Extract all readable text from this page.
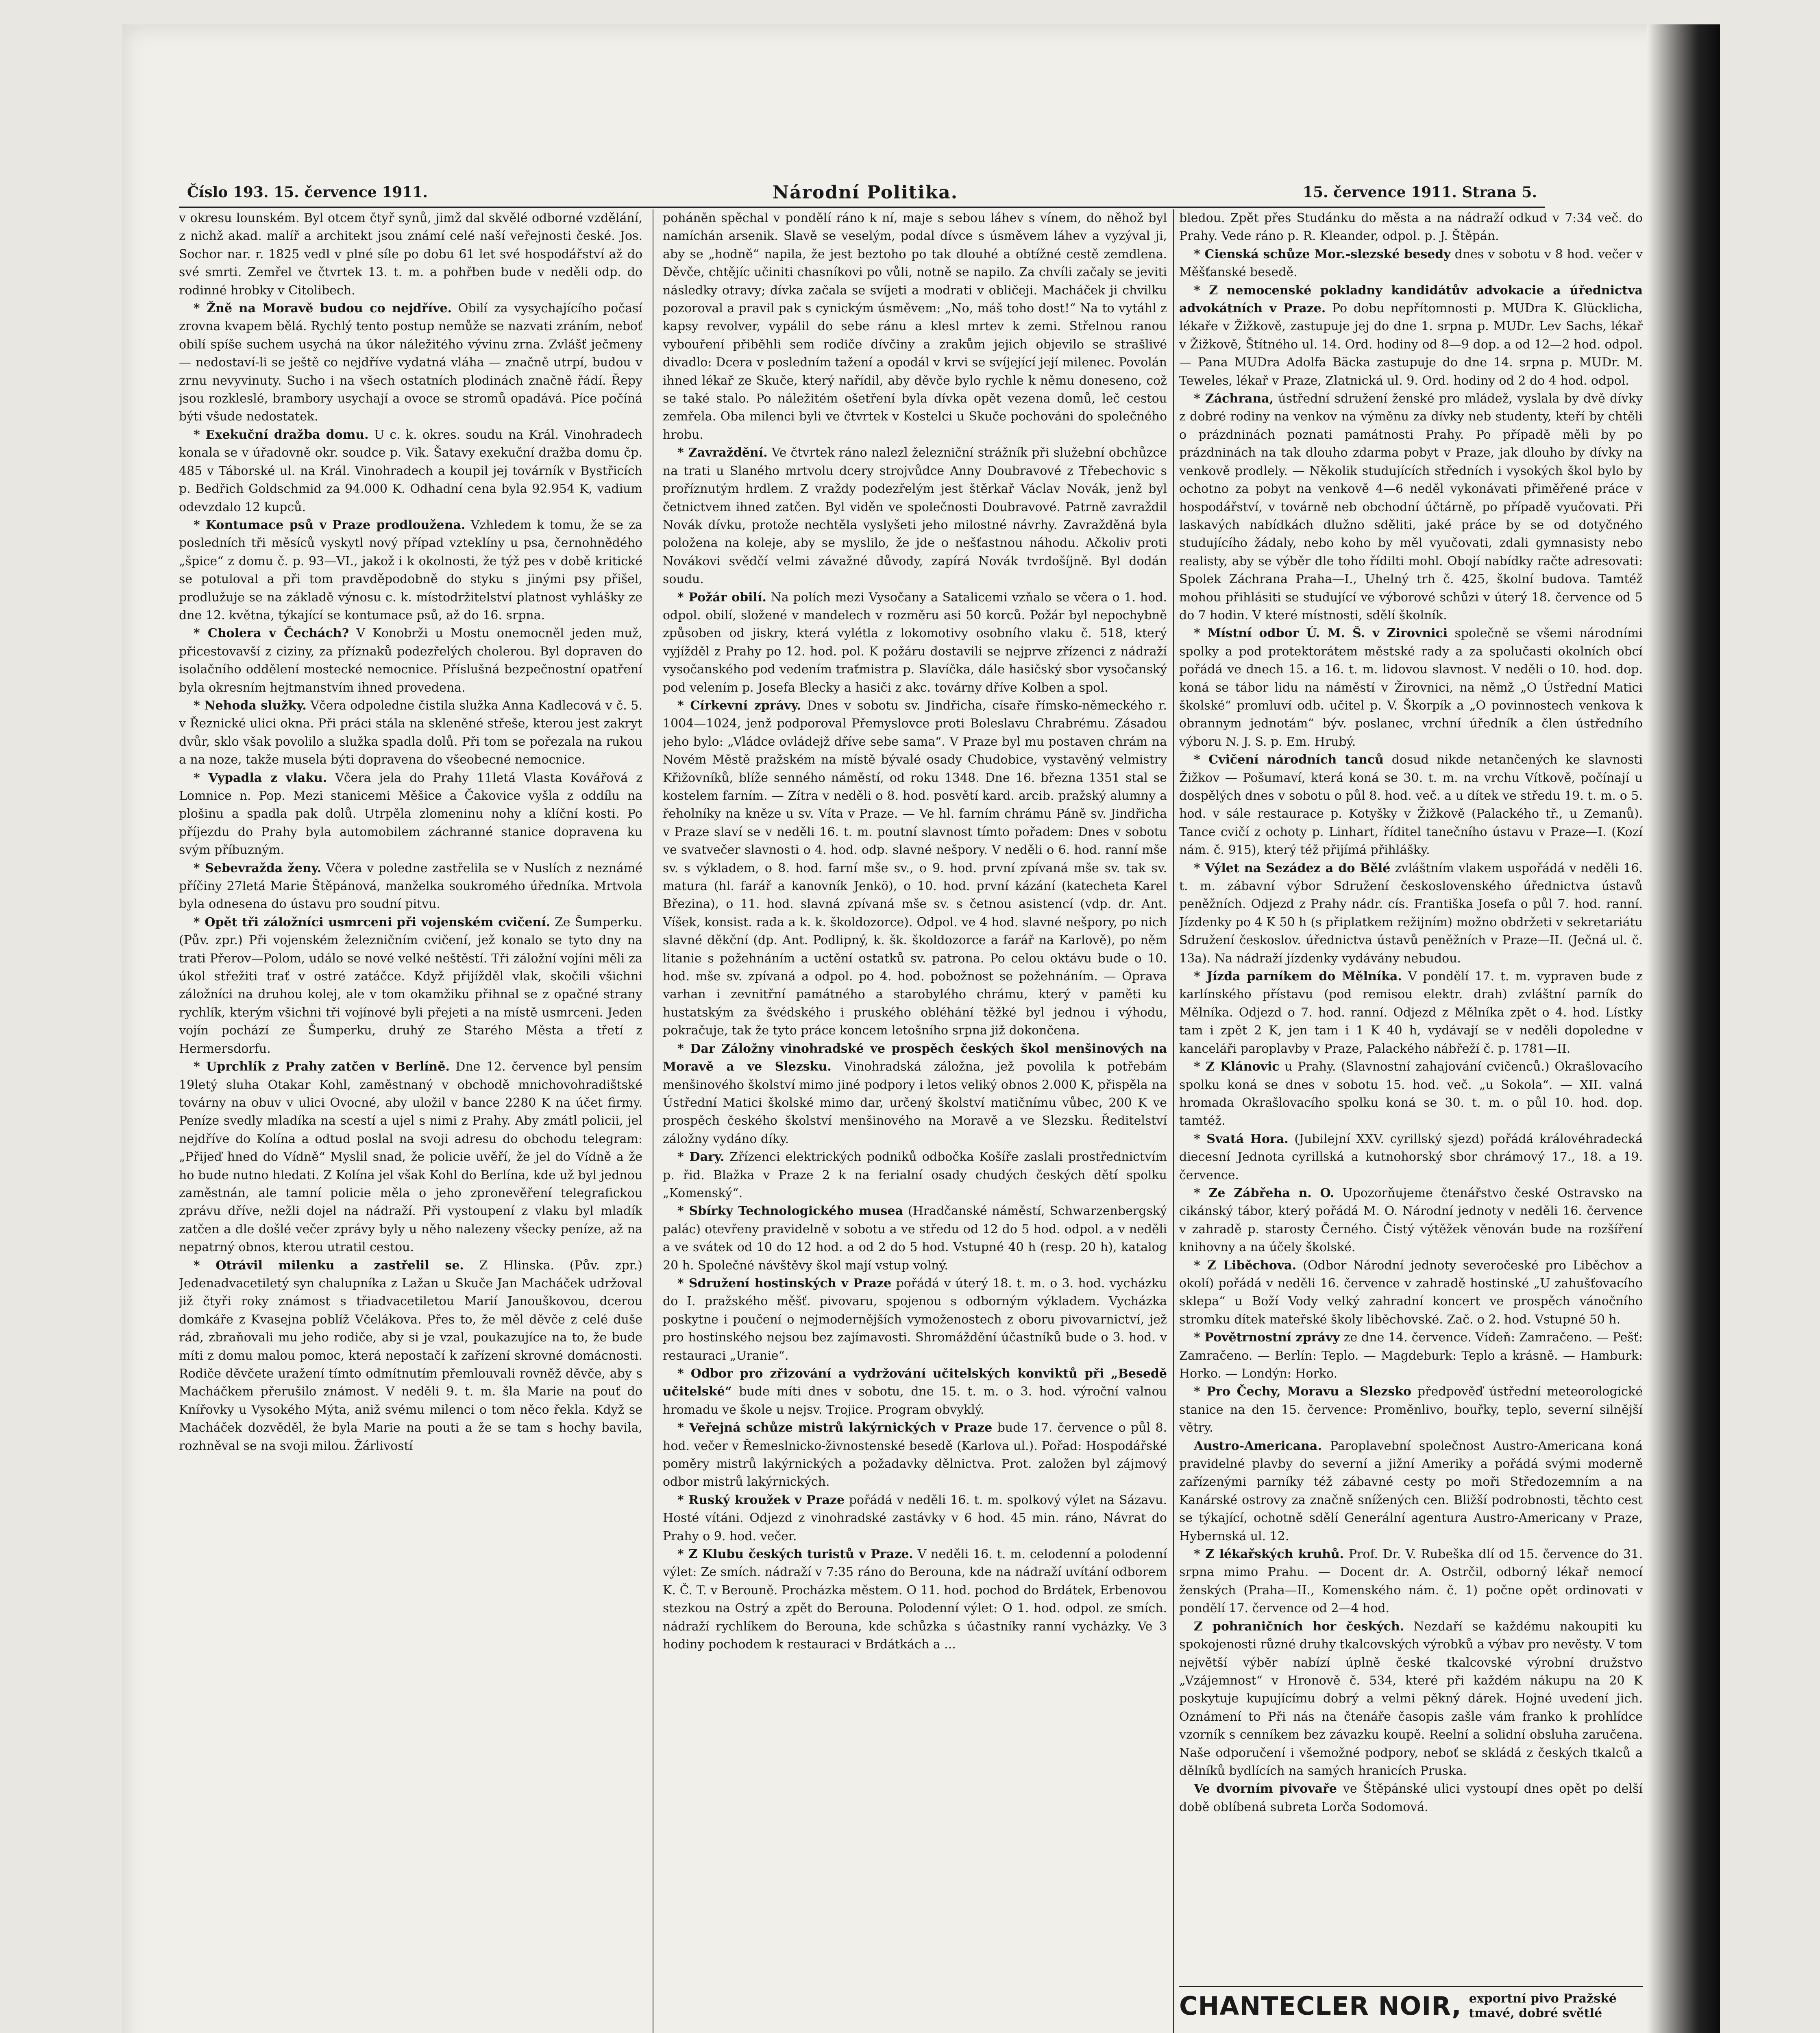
Číslo 193. 15. července 1911.	Národní Politika.	15. července 1911. Strana 5.

v okresu lounském. Byl otcem čtyř synů, jimž dal skvělé odborné vzdělání, z nichž akad. malíř a architekt jsou známí celé naší veřejnosti české. Jos. Sochor nar. r. 1825 vedl v plné síle po dobu 61 let své hospodářství až do své smrti. Zemřel ve čtvrtek 13. t. m. a pohřben bude v neděli odp. do rodinné hrobky v Citolibech.

* Žně na Moravě budou co nejdříve. Obilí za vysychajícího počasí zrovna kvapem bělá. Rychlý tento postup nemůže se nazvati zráním, neboť obilí spíše suchem usychá na úkor náležitého vývinu zrna. Zvlášť ječmeny — nedostaví-li se ještě co nejdříve vydatná vláha — značně utrpí, budou v zrnu nevyvinuty. Sucho i na všech ostatních plodinách značně řádí. Řepy jsou rozkleslé, brambory usychají a ovoce se stromů opadává. Píce počíná býti všude nedostatek.

* Exekuční dražba domu. U c. k. okres. soudu na Král. Vinohradech konala se v úřadovně okr. soudce p. Vik. Šatavy exekuční dražba domu čp. 485 v Táborské ul. na Král. Vinohradech a koupil jej továrník v Bystřicích p. Bedřich Goldschmid za 94.000 K. Odhadní cena byla 92.954 K, vadium odevzdalo 12 kupců.

* Kontumace psů v Praze prodloužena. Vzhledem k tomu, že se za posledních tři měsíců vyskytl nový případ vzteklíny u psa, černohnědého „špice“ z domu č. p. 93—VI., jakož i k okolnosti, že týž pes v době kritické se potuloval a při tom pravděpodobně do styku s jinými psy přišel, prodlužuje se na základě výnosu c. k. místodržitelství platnost vyhlášky ze dne 12. května, týkající se kontumace psů, až do 16. srpna.

* Cholera v Čechách? V Konobrži u Mostu onemocněl jeden muž, přicestovavší z ciziny, za příznaků podezřelých cholerou. Byl dopraven do isolačního oddělení mostecké nemocnice. Příslušná bezpečnostní opatření byla okresním hejtmanstvím ihned provedena.

* Nehoda služky. Včera odpoledne čistila služka Anna Kadlecová v č. 5. v Řeznické ulici okna. Při práci stála na skleněné střeše, kterou jest zakryt dvůr, sklo však povolilo a služka spadla dolů. Při tom se pořezala na rukou a na noze, takže musela býti dopravena do všeobecné nemocnice.

* Vypadla z vlaku. Včera jela do Prahy 11letá Vlasta Kovářová z Lomnice n. Pop. Mezi stanicemi Měšice a Čakovice vyšla z oddílu na plošinu a spadla pak dolů. Utrpěla zlomeninu nohy a klíční kosti. Po příjezdu do Prahy byla automobilem záchranné stanice dopravena ku svým příbuzným.

* Sebevražda ženy. Včera v poledne zastřelila se v Nuslích z neznámé příčiny 27letá Marie Štěpánová, manželka soukromého úředníka. Mrtvola byla odnesena do ústavu pro soudní pitvu.

* Opět tři záložníci usmrceni při vojenském cvičení. Ze Šumperku. (Pův. zpr.) Při vojenském železničním cvičení, jež konalo se tyto dny na trati Přerov—Polom, událo se nové velké neštěstí. Tři záložní vojíni měli za úkol střežiti trať v ostré zatáčce. Když přijížděl vlak, skočili všichni záložníci na druhou kolej, ale v tom okamžiku přihnal se z opačné strany rychlík, kterým všichni tři vojínové byli přejeti a na místě usmrceni. Jeden vojín pochází ze Šumperku, druhý ze Starého Města a třetí z Hermersdorfu.

* Uprchlík z Prahy zatčen v Berlíně. Dne 12. července byl pensím 19letý sluha Otakar Kohl, zaměstnaný v obchodě mnichovohradištské továrny na obuv v ulici Ovocné, aby uložil v bance 2280 K na účet firmy. Peníze svedly mladíka na scestí a ujel s nimi z Prahy. Aby zmátl policii, jel nejdříve do Kolína a odtud poslal na svoji adresu do obchodu telegram: „Přijeď hned do Vídně“ Myslil snad, že policie uvěří, že jel do Vídně a že ho bude nutno hledati. Z Kolína jel však Kohl do Berlína, kde už byl jednou zaměstnán, ale tamní policie měla o jeho zpronevěření telegrafickou zprávu dříve, nežli dojel na nádraží. Při vystoupení z vlaku byl mladík zatčen a dle došlé večer zprávy byly u něho nalezeny všecky peníze, až na nepatrný obnos, kterou utratil cestou.

* Otrávil milenku a zastřelil se. Z Hlinska. (Pův. zpr.) Jedenadvacetiletý syn chalupníka z Lažan u Skuče Jan Macháček udržoval již čtyři roky známost s třiadvacetiletou Marií Janouškovou, dcerou domkáře z Kvasejna poblíž Včelákova. Přes to, že měl děvče z celé duše rád, zbraňovali mu jeho rodiče, aby si je vzal, poukazujíce na to, že bude míti z domu malou pomoc, která nepostačí k zařízení skrovné domácnosti. Rodiče děvčete uražení tímto odmítnutím přemlouvali rovněž děvče, aby s Macháčkem přerušilo známost. V neděli 9. t. m. šla Marie na pouť do Knířovky u Vysokého Mýta, aniž svému milenci o tom něco řekla. Když se Macháček dozvěděl, že byla Marie na pouti a že se tam s hochy bavila, rozhněval se na svoji milou. Žárlivostí

poháněn spěchal v pondělí ráno k ní, maje s sebou láhev s vínem, do něhož byl namíchán arsenik. Slavě se veselým, podal dívce s úsměvem láhev a vyzýval ji, aby se „hodně“ napila, že jest beztoho po tak dlouhé a obtížné cestě zemdlena. Děvče, chtějíc učiniti chasníkovi po vůli, notně se napilo. Za chvíli začaly se jeviti následky otravy; dívka začala se svíjeti a modrati v obličeji. Macháček ji chvilku pozoroval a pravil pak s cynickým úsměvem: „No, máš toho dost!“ Na to vytáhl z kapsy revolver, vypálil do sebe ránu a klesl mrtev k zemi. Střelnou ranou vybouření přiběhli sem rodiče dívčiny a zrakům jejich objevilo se strašlivé divadlo: Dcera v posledním tažení a opodál v krvi se svíjející její milenec. Povolán ihned lékař ze Skuče, který nařídil, aby děvče bylo rychle k němu doneseno, což se také stalo. Po náležitém ošetření byla dívka opět vezena domů, leč cestou zemřela. Oba milenci byli ve čtvrtek v Kostelci u Skuče pochováni do společného hrobu.

* Zavraždění. Ve čtvrtek ráno nalezl železniční strážník při služební obchůzce na trati u Slaného mrtvolu dcery strojvůdce Anny Doubravové z Třebechovic s proříznutým hrdlem. Z vraždy podezřelým jest štěrkař Václav Novák, jenž byl četnictvem ihned zatčen. Byl viděn ve společnosti Doubravové. Patrně zavraždil Novák dívku, protože nechtěla vyslyšeti jeho milostné návrhy. Zavražděná byla položena na koleje, aby se myslilo, že jde o nešťastnou náhodu. Ačkoliv proti Novákovi svědčí velmi závažné důvody, zapírá Novák tvrdošíjně. Byl dodán soudu.

* Požár obilí. Na polích mezi Vysočany a Satalicemi vzňalo se včera o 1. hod. odpol. obilí, složené v mandelech v rozměru asi 50 korců. Požár byl nepochybně způsoben od jiskry, která vylétla z lokomotivy osobního vlaku č. 518, který vyjížděl z Prahy po 12. hod. pol. K požáru dostavili se nejprve zřízenci z nádraží vysočanského pod vedením traťmistra p. Slavíčka, dále hasičský sbor vysočanský pod velením p. Josefa Blecky a hasiči z akc. továrny dříve Kolben a spol.

* Církevní zprávy. Dnes v sobotu sv. Jindřicha, císaře římsko-německého r. 1004—1024, jenž podporoval Přemyslovce proti Boleslavu Chrabrému. Zásadou jeho bylo: „Vládce ovládejž dříve sebe sama“. V Praze byl mu postaven chrám na Novém Městě pražském na místě bývalé osady Chudobice, vystavěný velmistry Křižovníků, blíže senného náměstí, od roku 1348. Dne 16. března 1351 stal se kostelem farním. — Zítra v neděli o 8. hod. posvětí kard. arcib. pražský alumny a řeholníky na kněze u sv. Víta v Praze. — Ve hl. farním chrámu Páně sv. Jindřicha v Praze slaví se v neděli 16. t. m. poutní slavnost tímto pořadem: Dnes v sobotu ve svatvečer slavnosti o 4. hod. odp. slavné nešpory. V neděli o 6. hod. ranní mše sv. s výkladem, o 8. hod. farní mše sv., o 9. hod. první zpívaná mše sv. tak sv. matura (hl. farář a kanovník Jenkö), o 10. hod. první kázání (katecheta Karel Březina), o 11. hod. slavná zpívaná mše sv. s četnou asistencí (vdp. dr. Ant. Víšek, konsist. rada a k. k. školdozorce). Odpol. ve 4 hod. slavné nešpory, po nich slavné děkční (dp. Ant. Podlipný, k. šk. školdozorce a farář na Karlově), po něm litanie s požehnáním a uctění ostatků sv. patrona. Po celou oktávu bude o 10. hod. mše sv. zpívaná a odpol. po 4. hod. pobožnost se požehnáním. — Oprava varhan i zevnitřní památného a starobylého chrámu, který v paměti ku hustatským za švédského i pruského obléhání těžké byl jednou i výhodu, pokračuje, tak že tyto práce koncem letošního srpna již dokončena.

* Dar Záložny vinohradské ve prospěch českých škol menšinových na Moravě a ve Slezsku. Vinohradská záložna, jež povolila k potřebám menšinového školství mimo jiné podpory i letos veliký obnos 2.000 K, přispěla na Ústřední Matici školské mimo dar, určený školství matičnímu vůbec, 200 K ve prospěch českého školství menšinového na Moravě a ve Slezsku. Ředitelství záložny vydáno díky.

* Dary. Zřízenci elektrických podniků odbočka Košíře zaslali prostřednictvím p. řid. Blažka v Praze 2 k na ferialní osady chudých českých dětí spolku „Komenský“.

* Sbírky Technologického musea (Hradčanské náměstí, Schwarzenbergský palác) otevřeny pravidelně v sobotu a ve středu od 12 do 5 hod. odpol. a v neděli a ve svátek od 10 do 12 hod. a od 2 do 5 hod. Vstupné 40 h (resp. 20 h), katalog 20 h. Společné návštěvy škol mají vstup volný.

* Sdružení hostinských v Praze pořádá v úterý 18. t. m. o 3. hod. vycházku do I. pražského měšť. pivovaru, spojenou s odborným výkladem. Vycházka poskytne i poučení o nejmodernějších vymoženostech z oboru pivovarnictví, jež pro hostinského nejsou bez zajímavosti. Shromáždění účastníků bude o 3. hod. v restauraci „Uranie“.

* Odbor pro zřizování a vydržování učitelských konviktů při „Besedě učitelské“ bude míti dnes v sobotu, dne 15. t. m. o 3. hod. výroční valnou hromadu ve škole u nejsv. Trojice. Program obvyklý.

* Veřejná schůze mistrů lakýrnických v Praze bude 17. července o půl 8. hod. večer v Řemeslnicko-živnostenské besedě (Karlova ul.). Pořad: Hospodářské poměry mistrů lakýrnických a požadavky dělnictva. Prot. založen byl zájmový odbor mistrů lakýrnických.

* Ruský kroužek v Praze pořádá v neděli 16. t. m. spolkový výlet na Sázavu. Hosté vítáni. Odjezd z vinohradské zastávky v 6 hod. 45 min. ráno, Návrat do Prahy o 9. hod. večer.

* Z Klubu českých turistů v Praze. V neděli 16. t. m. celodenní a polodenní výlet: Ze smích. nádraží v 7:35 ráno do Berouna, kde na nádraží uvítání odborem K. Č. T. v Berouně. Procházka městem. O 11. hod. pochod do Brdátek, Erbenovou stezkou na Ostrý a zpět do Berouna. Polodenní výlet: O 1. hod. odpol. ze smích. nádraží rychlíkem do Berouna, kde schůzka s účastníky ranní vycházky. Ve 3 hodiny pochodem k restauraci v Brdátkách a ...

bledou. Zpět přes Studánku do města a na nádraží odkud v 7:34 več. do Prahy. Vede ráno p. R. Kleander, odpol. p. J. Štěpán.

* Cienská schůze Mor.-slezské besedy dnes v sobotu v 8 hod. večer v Měšťanské besedě.

* Z nemocenské pokladny kandidátův advokacie a úřednictva advokátních v Praze. Po dobu nepřítomnosti p. MUDra K. Glücklicha, lékaře v Žižkově, zastupuje jej do dne 1. srpna p. MUDr. Lev Sachs, lékař v Žižkově, Štítného ul. 14. Ord. hodiny od 8—9 dop. a od 12—2 hod. odpol. — Pana MUDra Adolfa Bäcka zastupuje do dne 14. srpna p. MUDr. M. Teweles, lékař v Praze, Zlatnická ul. 9. Ord. hodiny od 2 do 4 hod. odpol.

* Záchrana, ústřední sdružení ženské pro mládež, vyslala by dvě dívky z dobré rodiny na venkov na výměnu za dívky neb studenty, kteří by chtěli o prázdninách poznati památnosti Prahy. Po případě měli by po prázdninách na tak dlouho zdarma pobyt v Praze, jak dlouho by dívky na venkově prodlely. — Několik studujících středních i vysokých škol bylo by ochotno za pobyt na venkově 4—6 neděl vykonávati přiměřené práce v hospodářství, v továrně neb obchodní účtárně, po případě vyučovati. Při laskavých nabídkách dlužno sděliti, jaké práce by se od dotyčného studujícího žádaly, nebo koho by měl vyučovati, zdali gymnasisty nebo realisty, aby se výběr dle toho řídilti mohl. Obojí nabídky račte adresovati: Spolek Záchrana Praha—I., Uhelný trh č. 425, školní budova. Tamtéž mohou přihlásiti se studující ve výborové schůzi v úterý 18. července od 5 do 7 hodin. V které místnosti, sdělí školník.

* Místní odbor Ú. M. Š. v Zirovnici společně se všemi národními spolky a pod protektorátem městské rady a za spolučasti okolních obcí pořádá ve dnech 15. a 16. t. m. lidovou slavnost. V neděli o 10. hod. dop. koná se tábor lidu na náměstí v Žirovnici, na němž „O Ústřední Matici školské“ promluví odb. učitel p. V. Škorpík a „O povinnostech venkova k obrannym jednotám“ býv. poslanec, vrchní úředník a člen ústředního výboru N. J. S. p. Em. Hrubý.

* Cvičení národních tanců dosud nikde netančených ke slavnosti Žižkov — Pošumaví, která koná se 30. t. m. na vrchu Vítkově, počínají u dospělých dnes v sobotu o půl 8. hod. več. a u dítek ve středu 19. t. m. o 5. hod. v sále restaurace p. Kotyšky v Žižkově (Palackého tř., u Zemanů). Tance cvičí z ochoty p. Linhart, říditel tanečního ústavu v Praze—I. (Kozí nám. č. 915), který též přijímá přihlášky.

* Výlet na Sezádez a do Bělé zvláštním vlakem uspořádá v neděli 16. t. m. zábavní výbor Sdružení československého úřednictva ústavů peněžních. Odjezd z Prahy nádr. cís. Františka Josefa o půl 7. hod. ranní. Jízdenky po 4 K 50 h (s připlatkem režijním) možno obdržeti v sekretariátu Sdružení českoslov. úřednictva ústavů peněžních v Praze—II. (Ječná ul. č. 13a). Na nádraží jízdenky vydávány nebudou.

* Jízda parníkem do Mělníka. V pondělí 17. t. m. vypraven bude z karlínského přístavu (pod remisou elektr. drah) zvláštní parník do Mělníka. Odjezd o 7. hod. ranní. Odjezd z Mělníka zpět o 4. hod. Lístky tam i zpět 2 K, jen tam i 1 K 40 h, vydávají se v neděli dopoledne v kanceláři paroplavby v Praze, Palackého nábřeží č. p. 1781—II.

* Z Klánovic u Prahy. (Slavnostní zahajování cvičenců.) Okrašlovacího spolku koná se dnes v sobotu 15. hod. več. „u Sokola“. — XII. valná hromada Okrašlovacího spolku koná se 30. t. m. o půl 10. hod. dop. tamtéž.

* Svatá Hora. (Jubilejní XXV. cyrillský sjezd) pořádá královéhradecká diecesní Jednota cyrillská a kutnohorský sbor chrámový 17., 18. a 19. července.

* Ze Zábřeha n. O. Upozorňujeme čtenářstvo české Ostravsko na cikánský tábor, který pořádá M. O. Národní jednoty v neděli 16. července v zahradě p. starosty Černého. Čistý výtěžek věnován bude na rozšíření knihovny a na účely školské.

* Z Liběchova. (Odbor Národní jednoty severočeské pro Liběchov a okolí) pořádá v neděli 16. července v zahradě hostinské „U zahušťovacího sklepa“ u Boží Vody velký zahradní koncert ve prospěch vánočního stromku dítek mateřské školy liběchovské. Zač. o 2. hod. Vstupné 50 h.

* Povětrnostní zprávy ze dne 14. července. Vídeň: Zamračeno. — Pešť: Zamračeno. — Berlín: Teplo. — Magdeburk: Teplo a krásně. — Hamburk: Horko. — Londýn: Horko.

* Pro Čechy, Moravu a Slezsko předpověď ústřední meteorologické stanice na den 15. července: Proměnlivo, bouřky, teplo, severní silnější větry.

Austro-Americana. Paroplavební společnost Austro-Americana koná pravidelné plavby do severní a jižní Ameriky a pořádá svými moderně zařízenými parníky též zábavné cesty po moři Středozemním a na Kanárské ostrovy za značně snížených cen. Bližší podrobnosti, těchto cest se týkající, ochotně sdělí Generální agentura Austro-Americany v Praze, Hybernská ul. 12.

* Z lékařských kruhů. Prof. Dr. V. Rubeška dlí od 15. července do 31. srpna mimo Prahu. — Docent dr. A. Ostrčil, odborný lékař nemocí ženských (Praha—II., Komenského nám. č. 1) počne opět ordinovati v pondělí 17. července od 2—4 hod.

Z pohraničních hor českých. Nezdaří se každému nakoupiti ku spokojenosti různé druhy tkalcovských výrobků a výbav pro nevěsty. V tom největší výběr nabízí úplně české tkalcovské výrobní družstvo „Vzájemnost“ v Hronově č. 534, které při každém nákupu na 20 K poskytuje kupujícímu dobrý a velmi pěkný dárek. Hojné uvedení jich. Oznámení to Při nás na čtenáře časopis zašle vám franko k prohlídce vzorník s cenníkem bez závazku koupě. Reelní a solidní obsluha zaručena. Naše odporučení i všemožné podpory, neboť se skládá z českých tkalců a dělníků bydlících na samých hranicích Pruska.

Ve dvorním pivovaře ve Štěpánské ulici vystoupí dnes opět po delší době oblíbená subreta Lorča Sodomová.

CHANTECLER NOIR, exportní pivo Pražské
tmavé, dobré světlé
